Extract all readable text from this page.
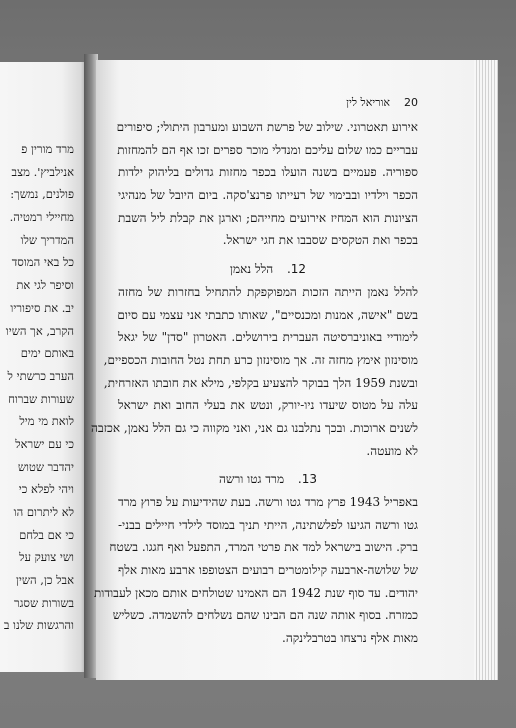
מרד מורין פ
אנילביץ'. מצב
פולנים, נמשך:
מחיילי רמטיה.
המדריך שלו
כל באי המוסד
וסיפר לגי את
יב. את סיפוריו
הקרב, אך השיו
באותם ימים
הערב כרשתי ל
שעורות שברוח
לואת מי מיל
כי עם ישראל
יהדבר שטוש
ויהי לפלא כי
לא ליתרום הו
כי אם בלחם
ושי צועק על
אבל כן, השין
בשורות שסגר
והרגשות שלנו ב
20
אוריאל לין
אירוע תאטרוני. שילוב של פרשת השבוע ומערבון היתולי; סיפורים
עבריים כמו שלום עליכם ומנדלי מוכר ספרים זכו אף הם להמחזות
ספוריה. פעמיים בשנה הועלו בכפר מחזות גדולים בליהוק ילדות
הכפר וילדיו ובבימוי של רעייתו פרנצ'סקה. ביום היובל של מנהיגי
הציונות הוא המחיז אירועים מחייהם; וארגן את קבלת ליל השבת
בכפר ואת הטקסים שסבבו את חגי ישראל.
12. הלל נאמן
להלל נאמן הייתה הזכות המפוקפקת להתחיל בחזרות של מחזה
בשם "אישה, אמנות ומכנסיים", שאותו כתבתי אני עצמי עם סיום
לימודיי באוניברסיטה העברית בירושלים. האטרון "סדן" של יגאל
מוסינזון אימץ מחזה זה. אך מוסינזון כרע תחת נטל החובות הכספיים,
ובשנת 1959 הלך בבוקר להצעיע בקלפי, מילא את חובתו האזרחית,
עלה על מטוס שיעדו ניו-יורק, ונטש את בעלי החוב ואת ישראל
לשנים ארוכות. ובכך נתלבנו גם אני, ואני מקווה כי גם הלל נאמן, אכזבה
לא מועטה.
13. מרד גטו ורשה
באפריל 1943 פרץ מרד גטו ורשה. בעת שהידיעות על פרוץ מרד
גטו ורשה הגיעו לפלשתינה, הייתי תניך במוסד לילדי חיילים בבני-
ברק. הישוב בישראל למד את פרטי המרד, התפעל ואף חגגו. בשטח
של שלושה-ארבעה קילומטרים רבועים הצטופפו ארבע מאות אלף
יהודים. עד סוף שנת 1942 הם האמינו שטולחים אותם מכאן לעבודות
כמזרח. בסוף אותה שנה הם הבינו שהם נשלחים להשמדה. כשליש
מאות אלף נרצחו בטרבלינקה.
